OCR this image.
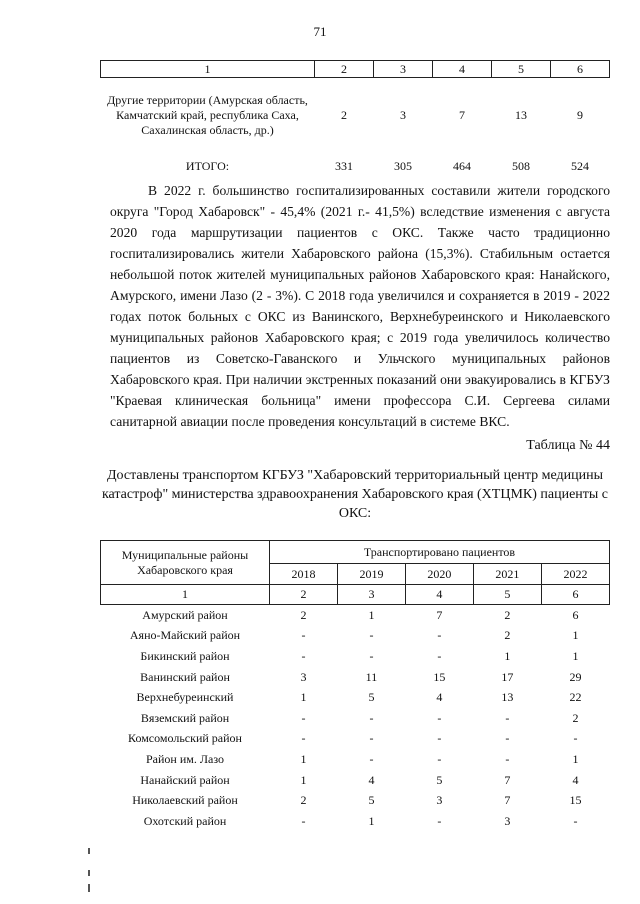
71
1	2	3	4	5	6
Другие территории (Амурская область, Камчатский край, республика Саха, Сахалинская область, др.)	2	3	7	13	9
ИТОГО:	331	305	464	508	524
В 2022 г. большинство госпитализированных составили жители городского округа "Город Хабаровск" - 45,4% (2021 г.- 41,5%) вследствие изменения с августа 2020 года маршрутизации пациентов с ОКС. Также часто традиционно госпитализировались жители Хабаровского района (15,3%). Стабильным остается небольшой поток жителей муниципальных районов Хабаровского края: Нанайского, Амурского, имени Лазо (2 - 3%). С 2018 года увеличился и сохраняется в 2019 - 2022 годах поток больных с ОКС из Ванинского, Верхнебуреинского и Николаевского муниципальных районов Хабаровского края; с 2019 года увеличилось количество пациентов из Советско-Гаванского и Ульчского муниципальных районов Хабаровского края. При наличии экстренных показаний они эвакуировались в КГБУЗ "Краевая клиническая больница" имени профессора С.И. Сергеева силами санитарной авиации после проведения консультаций в системе ВКС.
Таблица № 44
Доставлены транспортом КГБУЗ "Хабаровский территориальный центр медицины катастроф" министерства здравоохранения Хабаровского края (ХТЦМК) пациенты с ОКС:
Муниципальные районы Хабаровского края	Транспортировано пациентов				
	2018	2019	2020	2021	2022
1	2	3	4	5	6
Амурский район	2	1	7	2	6
Аяно-Майский район	-	-	-	2	1
Бикинский район	-	-	-	1	1
Ванинский район	3	11	15	17	29
Верхнебуреинский	1	5	4	13	22
Вяземский район	-	-	-	-	2
Комсомольский район	-	-	-	-	-
Район им. Лазо	1	-	-	-	1
Нанайский район	1	4	5	7	4
Николаевский район	2	5	3	7	15
Охотский район	-	1	-	3	-
